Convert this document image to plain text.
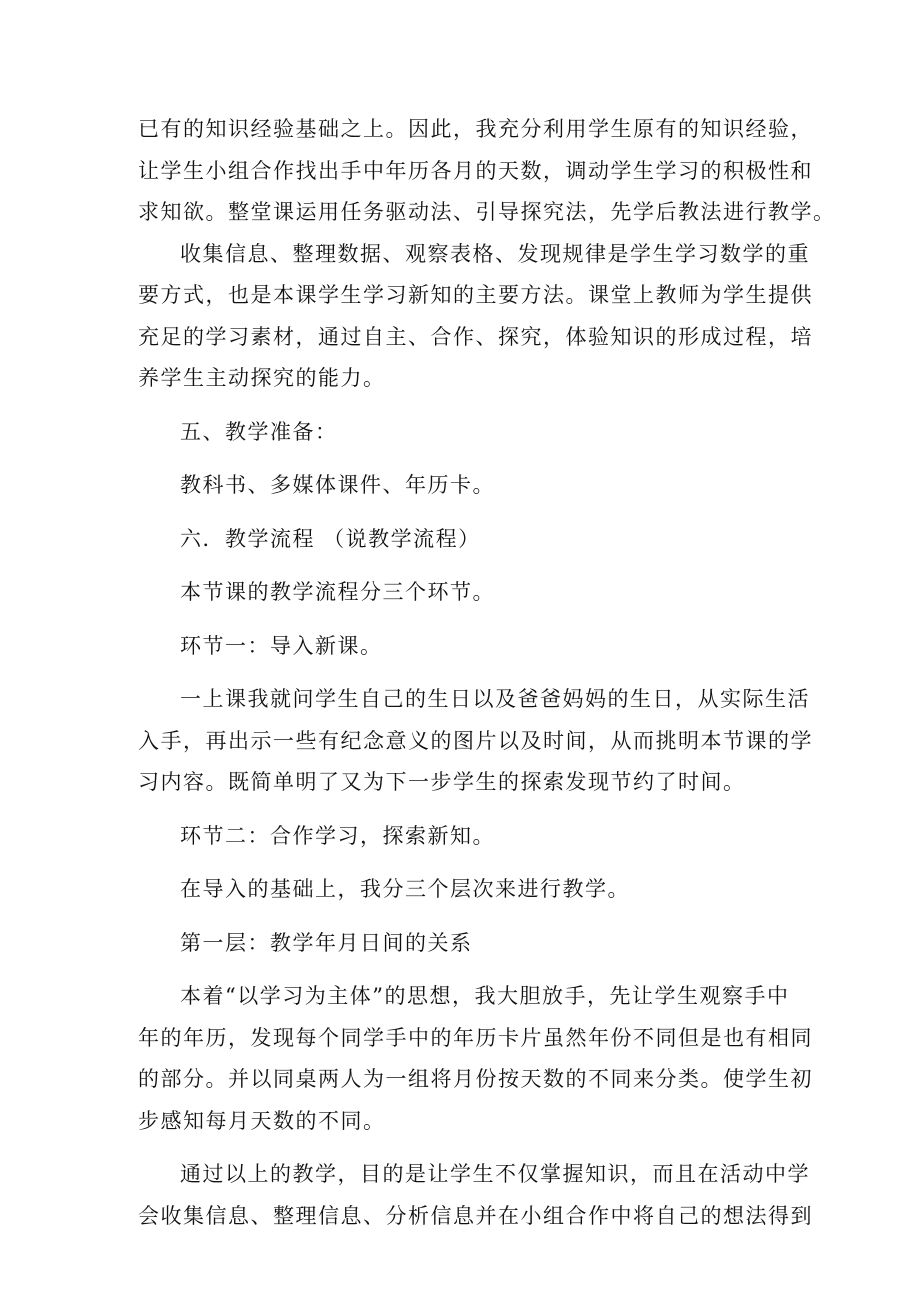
已有的知识经验基础之上。因此，我充分利用学生原有的知识经验，
让学生小组合作找出手中年历各月的天数，调动学生学习的积极性和
求知欲。整堂课运用任务驱动法、引导探究法，先学后教法进行教学。
收集信息、整理数据、观察表格、发现规律是学生学习数学的重
要方式，也是本课学生学习新知的主要方法。课堂上教师为学生提供
充足的学习素材，通过自主、合作、探究，体验知识的形成过程，培
养学生主动探究的能力。
五、教学准备：
教科书、多媒体课件、年历卡。
六．教学流程 （说教学流程）
本节课的教学流程分三个环节。
环节一：导入新课。
一上课我就问学生自己的生日以及爸爸妈妈的生日，从实际生活
入手，再出示一些有纪念意义的图片以及时间，从而挑明本节课的学
习内容。既简单明了又为下一步学生的探索发现节约了时间。
环节二：合作学习，探索新知。
在导入的基础上，我分三个层次来进行教学。
第一层：教学年月日间的关系
本着“以学习为主体”的思想，我大胆放手，先让学生观察手中
年的年历，发现每个同学手中的年历卡片虽然年份不同但是也有相同
的部分。并以同桌两人为一组将月份按天数的不同来分类。使学生初
步感知每月天数的不同。
通过以上的教学，目的是让学生不仅掌握知识，而且在活动中学
会收集信息、整理信息、分析信息并在小组合作中将自己的想法得到
